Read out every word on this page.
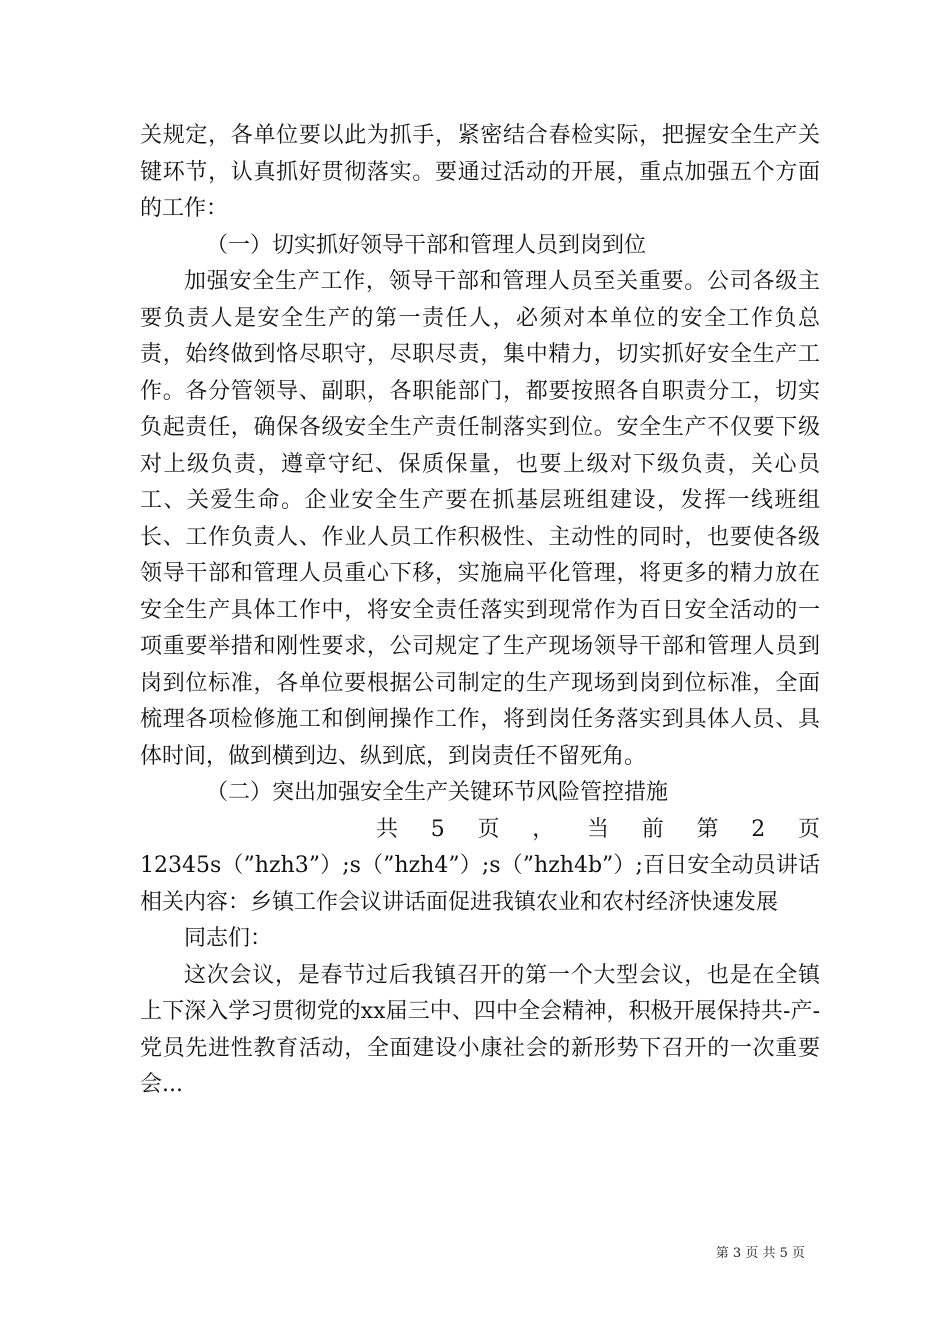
关规定，各单位要以此为抓手，紧密结合春检实际，把握安全生产关键环节，认真抓好贯彻落实。要通过活动的开展，重点加强五个方面的工作：

（一）切实抓好领导干部和管理人员到岗到位

加强安全生产工作，领导干部和管理人员至关重要。公司各级主要负责人是安全生产的第一责任人，必须对本单位的安全工作负总责，始终做到恪尽职守，尽职尽责，集中精力，切实抓好安全生产工作。各分管领导、副职，各职能部门，都要按照各自职责分工，切实负起责任，确保各级安全生产责任制落实到位。安全生产不仅要下级对上级负责，遵章守纪、保质保量，也要上级对下级负责，关心员工、关爱生命。企业安全生产要在抓基层班组建设，发挥一线班组长、工作负责人、作业人员工作积极性、主动性的同时，也要使各级领导干部和管理人员重心下移，实施扁平化管理，将更多的精力放在安全生产具体工作中，将安全责任落实到现常作为百日安全活动的一项重要举措和刚性要求，公司规定了生产现场领导干部和管理人员到岗到位标准，各单位要根据公司制定的生产现场到岗到位标准，全面梳理各项检修施工和倒闸操作工作，将到岗任务落实到具体人员、具体时间，做到横到边、纵到底，到岗责任不留死角。

（二）突出加强安全生产关键环节风险管控措施

共 5 页 ， 当 前 第 2 页

12345s（”hzh3”）;s（”hzh4”）;s（”hzh4b”）;百日安全动员讲话相关内容：乡镇工作会议讲话面促进我镇农业和农村经济快速发展

同志们：

这次会议，是春节过后我镇召开的第一个大型会议，也是在全镇上下深入学习贯彻党的xx届三中、四中全会精神，积极开展保持共-产-党员先进性教育活动，全面建设小康社会的新形势下召开的一次重要会...

第 3 页 共 5 页
